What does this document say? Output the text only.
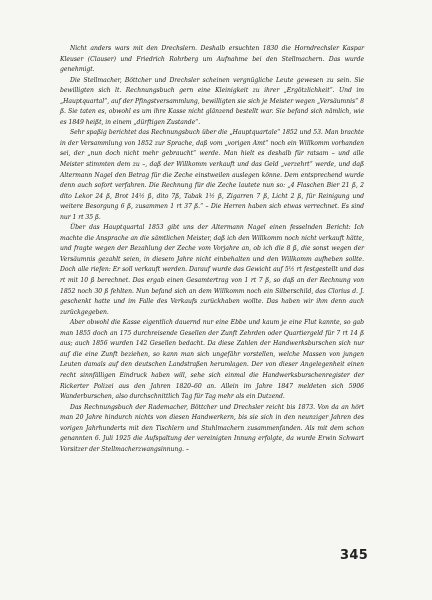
Nicht anders wars mit den Drechslern. Deshalb ersuchten 1830 die Horndrechsler Kaspar Kleuser (Clauser) und Friedrich Rohrberg um Aufnahme bei den Stellmachern. Das wurde genehmigt.

Die Stellmacher, Böttcher und Drechsler scheinen vergnügliche Leute gewesen zu sein. Sie bewilligten sich lt. Rechnungsbuch gern eine Kleinigkeit zu ihrer „Ergötzlichkeit“. Und im „Hauptquartal“, auf der Pfingstversammlung, bewilligten sie sich je Meister wegen „Versäumnis“ 8 ß. Sie taten es, obwohl es um ihre Kasse nicht glänzend bestellt war. Sie befand sich nämlich, wie es 1849 heißt, in einem „dürftigen Zustande“.

Sehr spaßig berichtet das Rechnungsbuch über die „Hauptquartale“ 1852 und 53. Man brachte in der Versammlung von 1852 zur Sprache, daß vom „vorigen Amt“ noch ein Willkomm vorhanden sei, der „nun doch nicht mehr gebraucht“ werde. Man hielt es deshalb für ratsam – und alle Meister stimmten dem zu –, daß der Willkomm verkauft und das Geld „verzehrt“ werde, und daß Altermann Nagel den Betrag für die Zeche einstweilen auslegen könne. Dem entsprechend wurde denn auch sofort verfahren. Die Rechnung für die Zeche lautete nun so: „4 Flaschen Bier 21 ß, 2 dito Lekor 24 ß, Brot 14½ ß, dito 7ß, Tabak 1½ ß, Zigarren 7 ß, Licht 2 ß, für Reinigung und weitere Besorgung 6 ß, zusammen 1 rt 37 ß.“ – Die Herren haben sich etwas verrechnet. Es sind nur 1 rt 35 ß.

Über das Hauptquartal 1853 gibt uns der Altermann Nagel einen fesselnden Bericht: Ich machte die Ansprache an die sämtlichen Meister, daß ich den Willkomm noch nicht verkauft hätte, und fragte wegen der Bezahlung der Zeche vom Vorjahre an, ob ich die 8 ß, die sonst wegen der Versäumnis gezahlt seien, in diesem Jahre nicht einbehalten und den Willkomm aufheben sollte. Doch alle riefen: Er soll verkauft werden. Darauf wurde das Gewicht auf 5½ rt festgestellt und das rt mit 10 ß berechnet. Das ergab einen Gesamtertrag von 1 rt 7 ß, so daß an der Rechnung von 1852 noch 30 ß fehlten. Nun befand sich an dem Willkomm noch ein Silberschild, das Clorius d. J. geschenkt hatte und im Falle des Verkaufs zurückhaben wollte. Das haben wir ihm denn auch zurückgegeben.

Aber obwohl die Kasse eigentlich dauernd nur eine Ebbe und kaum je eine Flut kannte, so gab man 1855 doch an 175 durchreisende Gesellen der Zunft Zehrden oder Quartiergeld für 7 rt 14 ß aus; auch 1856 wurden 142 Gesellen bedacht. Da diese Zahlen der Handwerksburschen sich nur auf die eine Zunft beziehen, so kann man sich ungefähr vorstellen, welche Massen von jungen Leuten damals auf den deutschen Landstraßen herumlagen. Der von dieser Angelegenheit einen recht sinnfälligen Eindruck haben will, sehe sich einmal die Handwerksburschenregister der Rickerter Polizei aus den Jahren 1820–60 an. Allein im Jahre 1847 meldeten sich 5906 Wanderburschen, also durchschnittlich Tag für Tag mehr als ein Dutzend.

Das Rechnungsbuch der Rademacher, Böttcher und Drechsler reicht bis 1873. Von da an hört man 20 Jahre hindurch nichts von diesen Handwerkern, bis sie sich in den neunziger Jahren des vorigen Jahrhunderts mit den Tischlern und Stuhlmachern zusammenfanden. Als mit dem schon genannten 6. Juli 1925 die Aufspaltung der vereinigten Innung erfolgte, da wurde Erwin Schwart Vorsitzer der Stellmacherzwangsinnung. –

345
